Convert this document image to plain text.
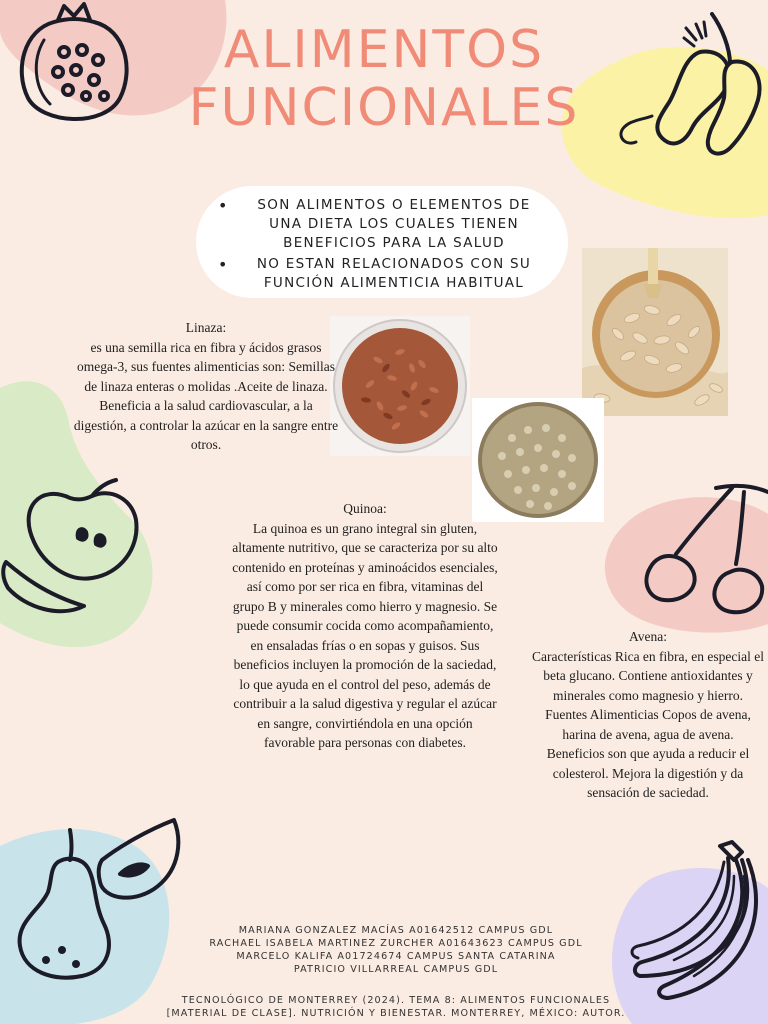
ALIMENTOS
FUNCIONALES
• SON ALIMENTOS O ELEMENTOS DE UNA DIETA LOS CUALES TIENEN BENEFICIOS PARA LA SALUD
• NO ESTAN RELACIONADOS CON SU FUNCIÓN ALIMENTICIA HABITUAL
Linaza:
es una semilla rica en fibra y ácidos grasos omega-3, sus fuentes alimenticias son: Semillas de linaza enteras o molidas .Aceite de linaza. Beneficia a la salud cardiovascular, a la digestión, a controlar la azúcar en la sangre entre otros.
Quinoa:
La quinoa es un grano integral sin gluten, altamente nutritivo, que se caracteriza por su alto contenido en proteínas y aminoácidos esenciales, así como por ser rica en fibra, vitaminas del grupo B y minerales como hierro y magnesio. Se puede consumir cocida como acompañamiento, en ensaladas frías o en sopas y guisos. Sus beneficios incluyen la promoción de la saciedad, lo que ayuda en el control del peso, además de contribuir a la salud digestiva y regular el azúcar en sangre, convirtiéndola en una opción favorable para personas con diabetes.
Avena:
Características Rica en fibra, en especial el beta glucano. Contiene antioxidantes y minerales como magnesio y hierro.
Fuentes Alimenticias Copos de avena, harina de avena, agua de avena.
Beneficios son que ayuda a reducir el colesterol. Mejora la digestión y da sensación de saciedad.
MARIANA GONZALEZ MACÍAS A01642512 CAMPUS GDL
RACHAEL ISABELA MARTINEZ ZURCHER A01643623 CAMPUS GDL
MARCELO KALIFA A01724674 CAMPUS SANTA CATARINA
PATRICIO VILLARREAL CAMPUS GDL
TECNOLÓGICO DE MONTERREY (2024). TEMA 8: ALIMENTOS FUNCIONALES
[MATERIAL DE CLASE]. NUTRICIÓN Y BIENESTAR. MONTERREY, MÉXICO: AUTOR.
